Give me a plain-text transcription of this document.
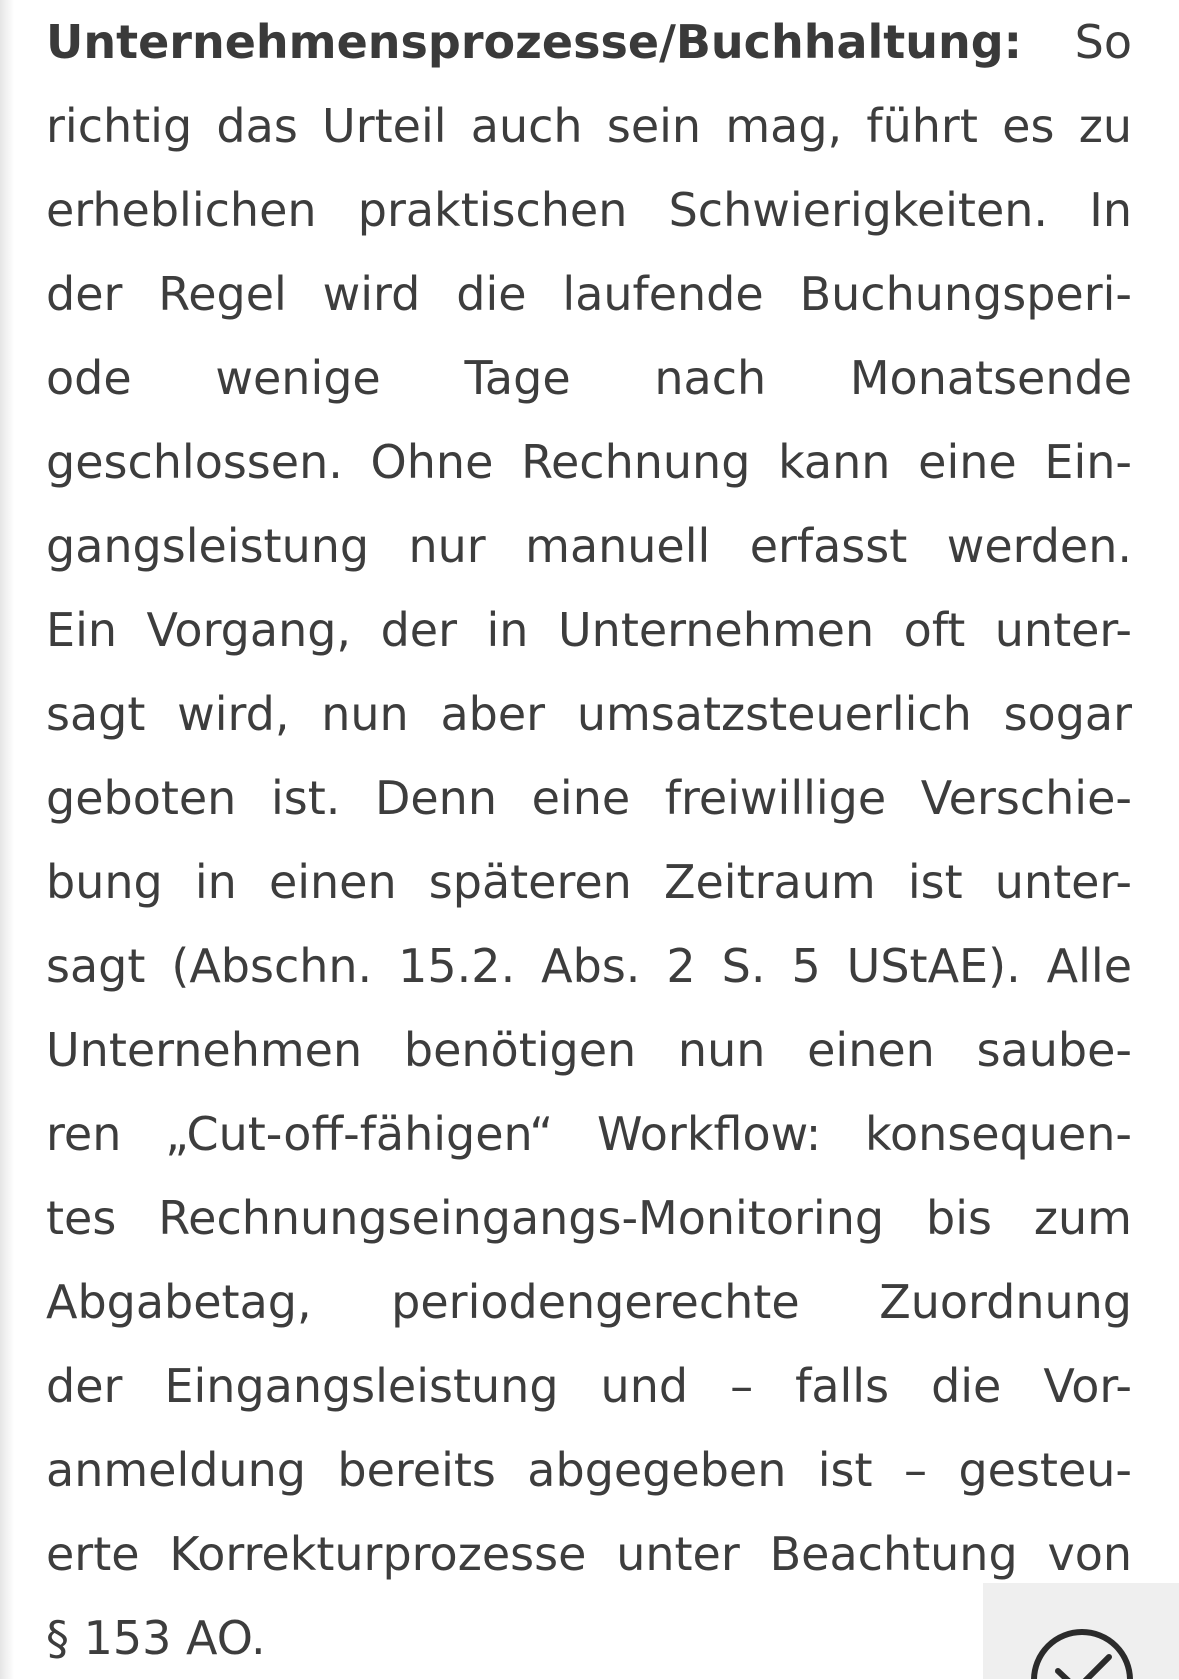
Unternehmensprozesse/Buchhaltung: So
richtig das Urteil auch sein mag, führt es zu
erheblichen praktischen Schwierigkeiten. In
der Regel wird die laufende Buchungsperi-
ode wenige Tage nach Monatsende
geschlossen. Ohne Rechnung kann eine Ein-
gangsleistung nur manuell erfasst werden.
Ein Vorgang, der in Unternehmen oft unter-
sagt wird, nun aber umsatzsteuerlich sogar
geboten ist. Denn eine freiwillige Verschie-
bung in einen späteren Zeitraum ist unter-
sagt (Abschn. 15.2. Abs. 2 S. 5 UStAE). Alle
Unternehmen benötigen nun einen saube-
ren „Cut-off-fähigen“ Workflow: konsequen-
tes Rechnungseingangs-Monitoring bis zum
Abgabetag, periodengerechte Zuordnung
der Eingangsleistung und – falls die Vor-
anmeldung bereits abgegeben ist – gesteu-
erte Korrekturprozesse unter Beachtung von
§ 153 AO.
